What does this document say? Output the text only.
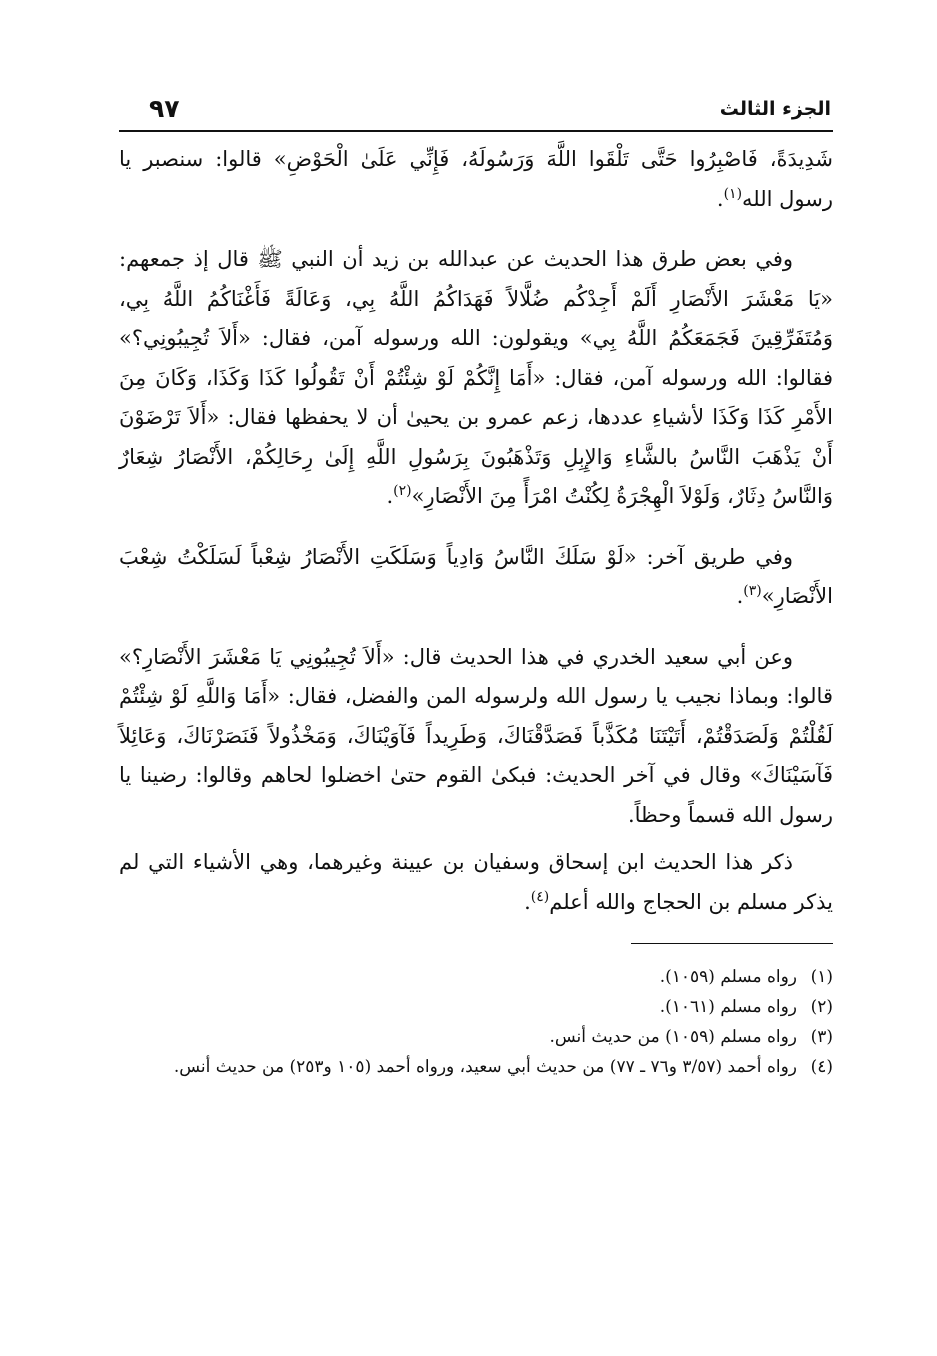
الجزء الثالث
٩٧

شَدِيدَةً، فَاصْبِرُوا حَتَّى تَلْقَوا اللَّهَ وَرَسُولَهُ، فَإِنِّي عَلَىٰ الْحَوْضِ» قالوا: سنصبر يا رسول الله$^{(١)}$.

وفي بعض طرق هذا الحديث عن عبدالله بن زيد أن النبي ﷺ قال إذ جمعهم: «يَا مَعْشَرَ الأَنْصَارِ أَلَمْ أَجِدْكُم ضُلَّالاً فَهَدَاكُمُ اللَّهُ بِي، وَعَالَةً فَأَغْنَاكُمُ اللَّهُ بِي، وَمُتَفَرِّقِينَ فَجَمَعَكُمُ اللَّهُ بِي» ويقولون: الله ورسوله آمن، فقال: «أَلاَ تُجِيبُونِي؟» فقالوا: الله ورسوله آمن، فقال: «أَمَا إِنَّكُمْ لَوْ شِئْتُمْ أَنْ تَقُولُوا كَذَا وَكَذَا، وَكَانَ مِنَ الأَمْرِ كَذَا وَكَذَا لأشياءِ عددها، زعم عمرو بن يحيىٰ أن لا يحفظها فقال: «أَلاَ تَرْضَوْنَ أَنْ يَذْهَبَ النَّاسُ بالشَّاءِ وَالإِبِلِ وَتَذْهَبُونَ بِرَسُولِ اللَّهِ إِلَىٰ رِحَالِكُمْ، الأَنْصَارُ شِعَارٌ وَالنَّاسُ دِثَارٌ، وَلَوْلاَ الْهِجْرَةُ لِكُنْتُ امْرَأً مِنَ الأَنْصَارِ»$^{(٢)}$.

وفي طريق آخر: «لَوْ سَلَكَ النَّاسُ وَادِياً وَسَلَكَتِ الأَنْصَارُ شِعْباً لَسَلَكْتُ شِعْبَ الأَنْصَارِ»$^{(٣)}$.

وعن أبي سعيد الخدري في هذا الحديث قال: «أَلاَ تُجِيبُونِي يَا مَعْشَرَ الأَنْصَارِ؟» قالوا: وبماذا نجيب يا رسول الله ولرسوله المن والفضل، فقال: «أَمَا وَاللَّهِ لَوْ شِئْتُمْ لَقُلْتُمْ وَلَصَدَقْتُمْ، أَتَيْتَنَا مُكَذَّباً فَصَدَّقْنَاكَ، وَطَرِيداً فَآوَيْنَاكَ، وَمَخْذُولاً فَنَصَرْنَاكَ، وَعَائِلاً فَآسَيْنَاكَ» وقال في آخر الحديث: فبكىٰ القوم حتىٰ اخضلوا لحاهم وقالوا: رضينا يا رسول الله قسماً وحظاً.

ذكر هذا الحديث ابن إسحاق وسفيان بن عيينة وغيرهما، وهي الأشياء التي لم يذكر مسلم بن الحجاج والله أعلم$^{(٤)}$.

(١)
رواه مسلم (١٠٥٩).
(٢)
رواه مسلم (١٠٦١).
(٣)
رواه مسلم (١٠٥٩) من حديث أنس.
(٤)
رواه أحمد (٣/٥٧ و٧٦ ـ ٧٧) من حديث أبي سعيد، ورواه أحمد (١٠٥ و٢٥٣) من حديث أنس.
